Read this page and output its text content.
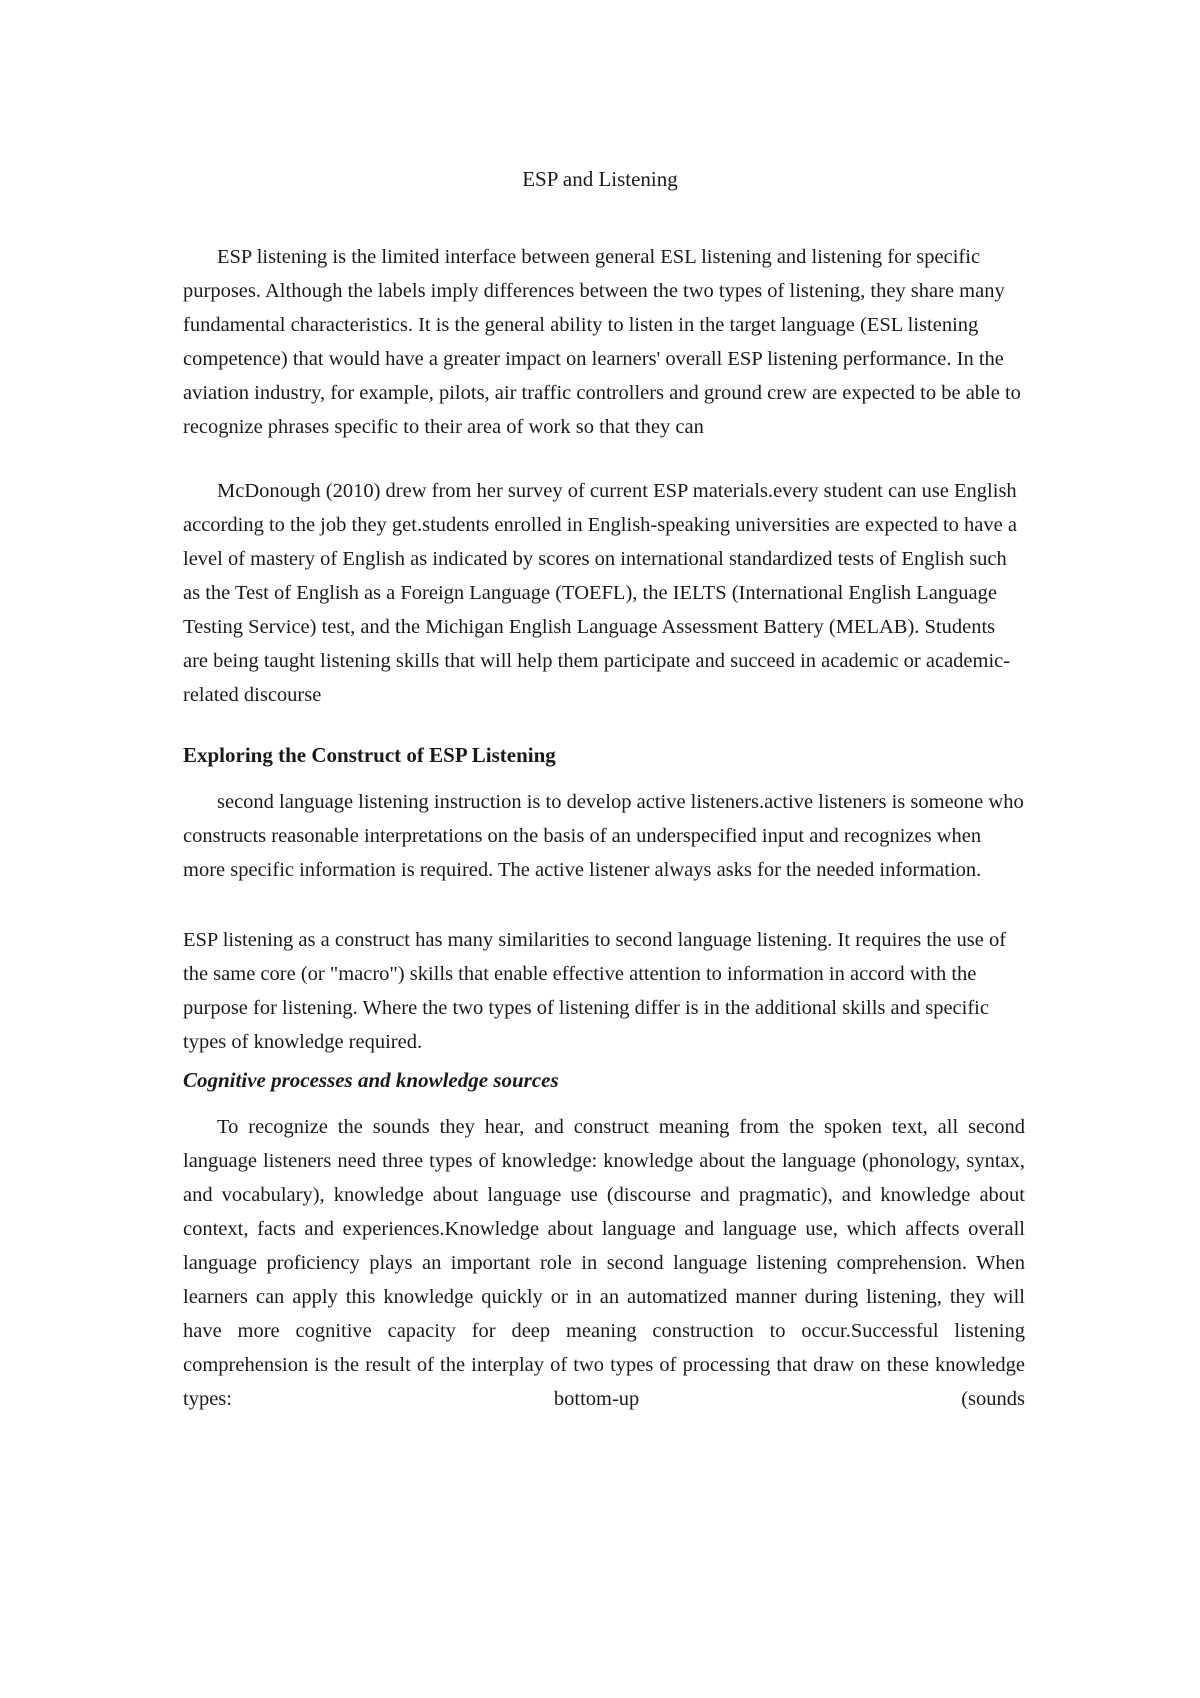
ESP and Listening

ESP listening is the limited interface between general ESL listening and listening for specific purposes. Although the labels imply differences between the two types of listening, they share many fundamental characteristics. It is the general ability to listen in the target language (ESL listening competence) that would have a greater impact on learners' overall ESP listening performance. In the aviation industry, for example, pilots, air traffic controllers and ground crew are expected to be able to recognize phrases specific to their area of work so that they can

McDonough (2010) drew from her survey of current ESP materials.every student can use English according to the job they get.students enrolled in English-speaking universities are expected to have a level of mastery of English as indicated by scores on international standardized tests of English such as the Test of English as a Foreign Language (TOEFL), the IELTS (International English Language Testing Service) test, and the Michigan English Language Assessment Battery (MELAB). Students are being taught listening skills that will help them participate and succeed in academic or academic-related discourse

Exploring the Construct of ESP Listening

second language listening instruction is to develop active listeners.active listeners is someone who constructs reasonable interpretations on the basis of an underspecified input and recognizes when more specific information is required. The active listener always asks for the needed information.

ESP listening as a construct has many similarities to second language listening. It requires the use of the same core (or "macro") skills that enable effective attention to information in accord with the purpose for listening. Where the two types of listening differ is in the additional skills and specific types of knowledge required.

Cognitive processes and knowledge sources

To recognize the sounds they hear, and construct meaning from the spoken text, all second language listeners need three types of knowledge: knowledge about the language (phonology, syntax, and vocabulary), knowledge about language use (discourse and pragmatic), and knowledge about context, facts and experiences.Knowledge about language and language use, which affects overall language proficiency plays an important role in second language listening comprehension. When learners can apply this knowledge quickly or in an automatized manner during listening, they will have more cognitive capacity for deep meaning construction to occur.Successful listening comprehension is the result of the interplay of two types of processing that draw on these knowledge types: bottom-up (sounds
